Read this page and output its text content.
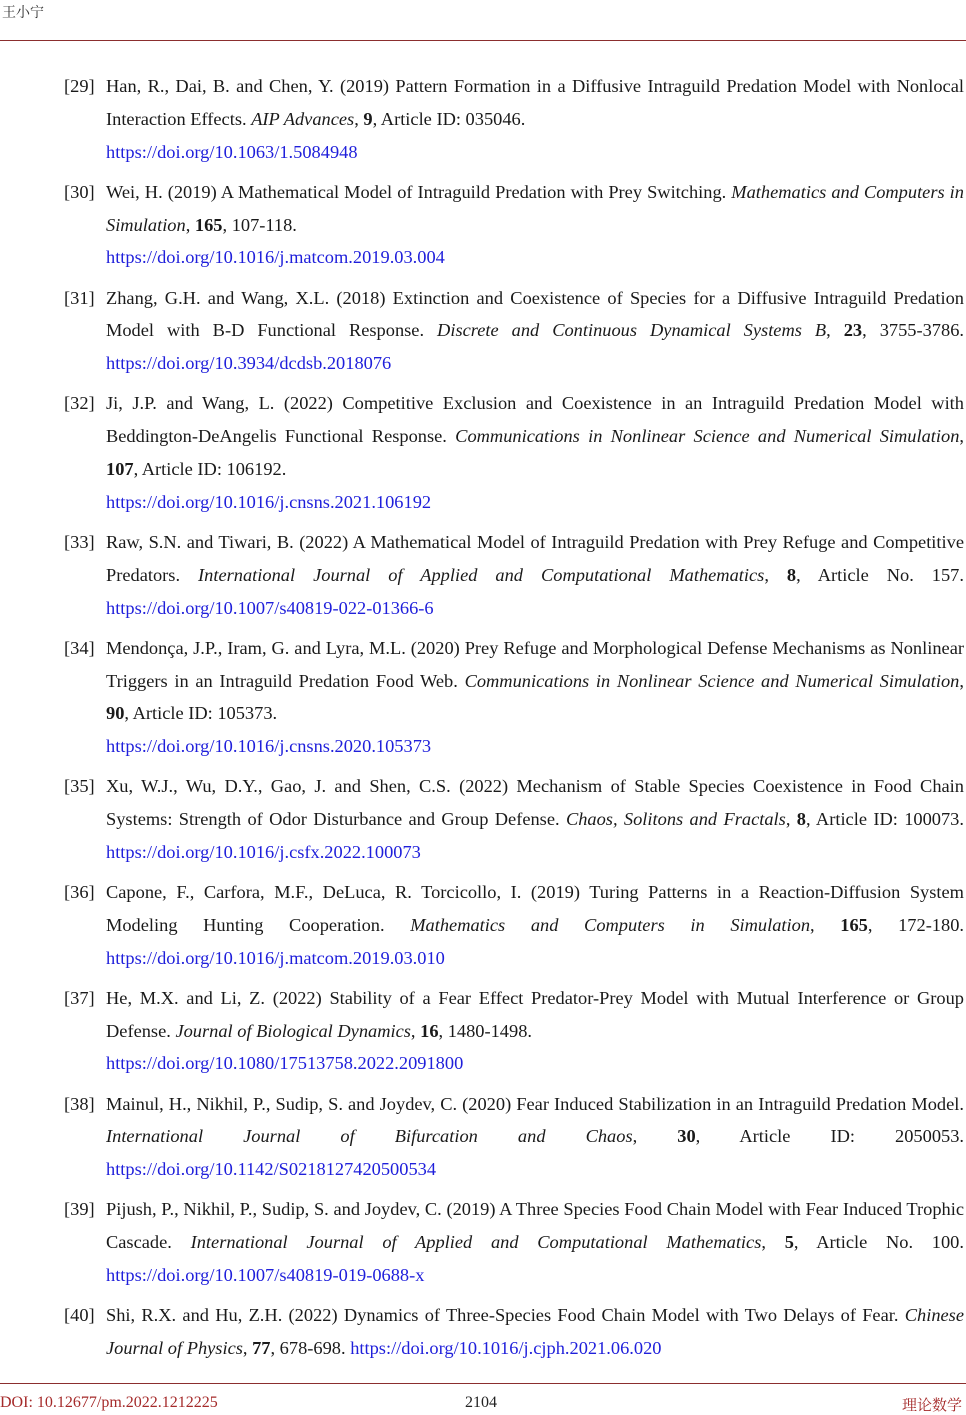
王小宁
[29] Han, R., Dai, B. and Chen, Y. (2019) Pattern Formation in a Diffusive Intraguild Predation Model with Nonlocal Interaction Effects. AIP Advances, 9, Article ID: 035046.
https://doi.org/10.1063/1.5084948
[30] Wei, H. (2019) A Mathematical Model of Intraguild Predation with Prey Switching. Mathematics and Computers in Simulation, 165, 107-118.
https://doi.org/10.1016/j.matcom.2019.03.004
[31] Zhang, G.H. and Wang, X.L. (2018) Extinction and Coexistence of Species for a Diffusive Intraguild Predation Model with B-D Functional Response. Discrete and Continuous Dynamical Systems B, 23, 3755-3786. https://doi.org/10.3934/dcdsb.2018076
[32] Ji, J.P. and Wang, L. (2022) Competitive Exclusion and Coexistence in an Intraguild Predation Model with Beddington-DeAngelis Functional Response. Communications in Nonlinear Science and Numerical Simulation, 107, Article ID: 106192.
https://doi.org/10.1016/j.cnsns.2021.106192
[33] Raw, S.N. and Tiwari, B. (2022) A Mathematical Model of Intraguild Predation with Prey Refuge and Competitive Predators. International Journal of Applied and Computational Mathematics, 8, Article No. 157. https://doi.org/10.1007/s40819-022-01366-6
[34] Mendonça, J.P., Iram, G. and Lyra, M.L. (2020) Prey Refuge and Morphological Defense Mechanisms as Nonlinear Triggers in an Intraguild Predation Food Web. Communications in Nonlinear Science and Numerical Simulation, 90, Article ID: 105373.
https://doi.org/10.1016/j.cnsns.2020.105373
[35] Xu, W.J., Wu, D.Y., Gao, J. and Shen, C.S. (2022) Mechanism of Stable Species Coexistence in Food Chain Systems: Strength of Odor Disturbance and Group Defense. Chaos, Solitons and Fractals, 8, Article ID: 100073. https://doi.org/10.1016/j.csfx.2022.100073
[36] Capone, F., Carfora, M.F., DeLuca, R. Torcicollo, I. (2019) Turing Patterns in a Reaction-Diffusion System Modeling Hunting Cooperation. Mathematics and Computers in Simulation, 165, 172-180. https://doi.org/10.1016/j.matcom.2019.03.010
[37] He, M.X. and Li, Z. (2022) Stability of a Fear Effect Predator-Prey Model with Mutual Interference or Group Defense. Journal of Biological Dynamics, 16, 1480-1498.
https://doi.org/10.1080/17513758.2022.2091800
[38] Mainul, H., Nikhil, P., Sudip, S. and Joydev, C. (2020) Fear Induced Stabilization in an Intraguild Predation Model. International Journal of Bifurcation and Chaos, 30, Article ID: 2050053. https://doi.org/10.1142/S0218127420500534
[39] Pijush, P., Nikhil, P., Sudip, S. and Joydev, C. (2019) A Three Species Food Chain Model with Fear Induced Trophic Cascade. International Journal of Applied and Computational Mathematics, 5, Article No. 100. https://doi.org/10.1007/s40819-019-0688-x
[40] Shi, R.X. and Hu, Z.H. (2022) Dynamics of Three-Species Food Chain Model with Two Delays of Fear. Chinese Journal of Physics, 77, 678-698. https://doi.org/10.1016/j.cjph.2021.06.020
DOI: 10.12677/pm.2022.1212225	2104	理论数学
